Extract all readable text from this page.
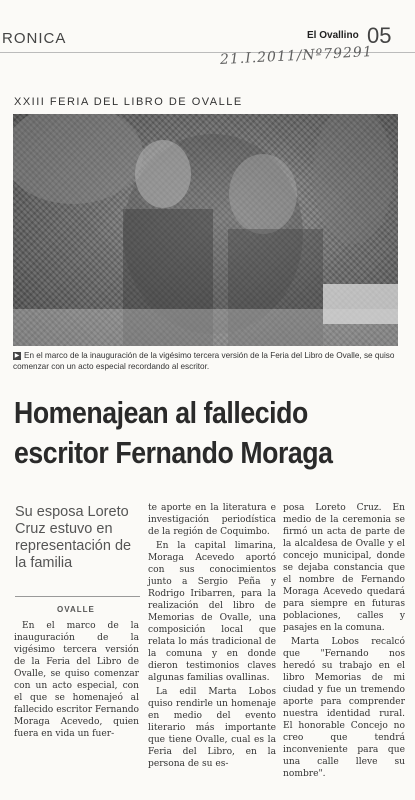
RONICA	El Ovallino 05
21.I.2011/Nº79291
XXIII FERIA DEL LIBRO DE OVALLE
▶ En el marco de la inauguración de la vigésimo tercera versión de la Feria del Libro de Ovalle, se quiso comenzar con un acto especial recordando al escritor.
Homenajean al fallecido
escritor Fernando Moraga
Su esposa Loreto Cruz estuvo en representación de la familia
OVALLE

En el marco de la inauguración de la vigésimo tercera versión de la Feria del Libro de Ovalle, se quiso comenzar con un acto especial, con el que se homenajeó al fallecido escritor Fernando Moraga Acevedo, quien fuera en vida un fuer-

te aporte en la literatura e investigación periodística de la región de Coquimbo.

En la capital limarina, Moraga Acevedo aportó con sus conocimientos junto a Sergio Peña y Rodrigo Iribarren, para la realización del libro de Memorias de Ovalle, una composición local que relata lo más tradicional de la comuna y en donde dieron testimonios claves algunas familias ovallinas.

La edil Marta Lobos quiso rendirle un homenaje en medio del evento literario más importante que tiene Ovalle, cual es la Feria del Libro, en la persona de su es-

posa Loreto Cruz. En medio de la ceremonia se firmó un acta de parte de la alcaldesa de Ovalle y el concejo municipal, donde se dejaba constancia que el nombre de Fernando Moraga Acevedo quedará para siempre en futuras poblaciones, calles y pasajes en la comuna.

Marta Lobos recalcó que "Fernando nos heredó su trabajo en el libro Memorias de mi ciudad y fue un tremendo aporte para comprender nuestra identidad rural. El honorable Concejo no creo que tendrá inconveniente para que una calle lleve su nombre".
